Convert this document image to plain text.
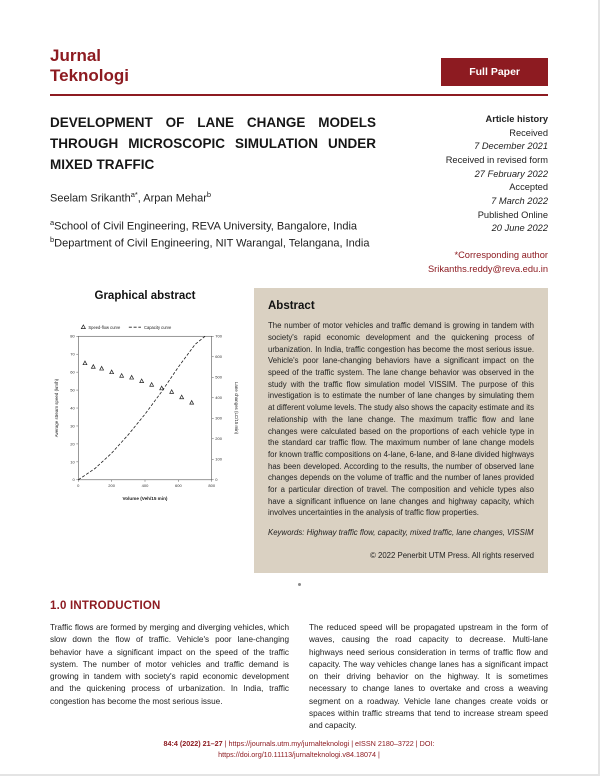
Jurnal
Teknologi	Full Paper
DEVELOPMENT OF LANE CHANGE MODELS THROUGH MICROSCOPIC SIMULATION UNDER MIXED TRAFFIC

Seelam Srikanth$^{a*}$, Arpan Mehar$^b$

$^a$School of Civil Engineering, REVA University, Bangalore, India

$^b$Department of Civil Engineering, NIT Warangal, Telangana, India

Article history

Received

7 December 2021

Received in revised form

27 February 2022

Accepted

7 March 2022

Published Online

20 June 2022

*Corresponding author

Srikanths.reddy@reva.edu.in
Graphical abstract
0	200	400	600	800
0
10
20
30
40
50
60
70
80
0
100
200
300
400
500
600
700
Volume (Veh/15 min)
Average stream speed (km/h)	Lane changes (LC/15 min)
Speed-flow curve	Capacity curve
Abstract

The number of motor vehicles and traffic demand is growing in tandem with society's rapid economic development and the quickening process of urbanization. In India, traffic congestion has become the most serious issue. Vehicle's poor lane-changing behaviors have a significant impact on the speed of the traffic system. The lane change behavior was observed in the study with the traffic flow simulation model VISSIM. The purpose of this investigation is to estimate the number of lane changes by simulating them at different volume levels. The study also shows the capacity estimate and its relationship with the lane change. The maximum traffic flow and lane changes were calculated based on the proportions of each vehicle type in the standard car traffic flow. The maximum number of lane change models for known traffic compositions on 4-lane, 6-lane, and 8-lane divided highways has been developed. According to the results, the number of observed lane changes depends on the volume of traffic and the number of lanes provided for a particular direction of travel. The composition and vehicle types also have a significant influence on lane changes and highway capacity, which involves uncertainties in the analysis of traffic flow properties.

Keywords: Highway traffic flow, capacity, mixed traffic, lane changes, VISSIM

© 2022 Penerbit UTM Press. All rights reserved

1.0 INTRODUCTION

Traffic flows are formed by merging and diverging vehicles, which slow down the flow of traffic. Vehicle's poor lane-changing behavior have a significant impact on the speed of the traffic system. The number of motor vehicles and traffic demand is growing in tandem with society's rapid economic development and the quickening process of urbanization. In India, traffic congestion has become the most serious issue.

The reduced speed will be propagated upstream in the form of waves, causing the road capacity to decrease. Multi-lane highways need serious consideration in terms of traffic flow and capacity. The way vehicles change lanes has a significant impact on their driving behavior on the highway. It is sometimes necessary to change lanes to overtake and cross a weaving segment on a roadway. Vehicle lane changes create voids or spaces within traffic streams that tend to increase stream speed and capacity.

84:4 (2022) 21–27 | https://journals.utm.my/jurnalteknologi | eISSN 2180–3722 | DOI:

https://doi.org/10.11113/jurnalteknologi.v84.18074 |
